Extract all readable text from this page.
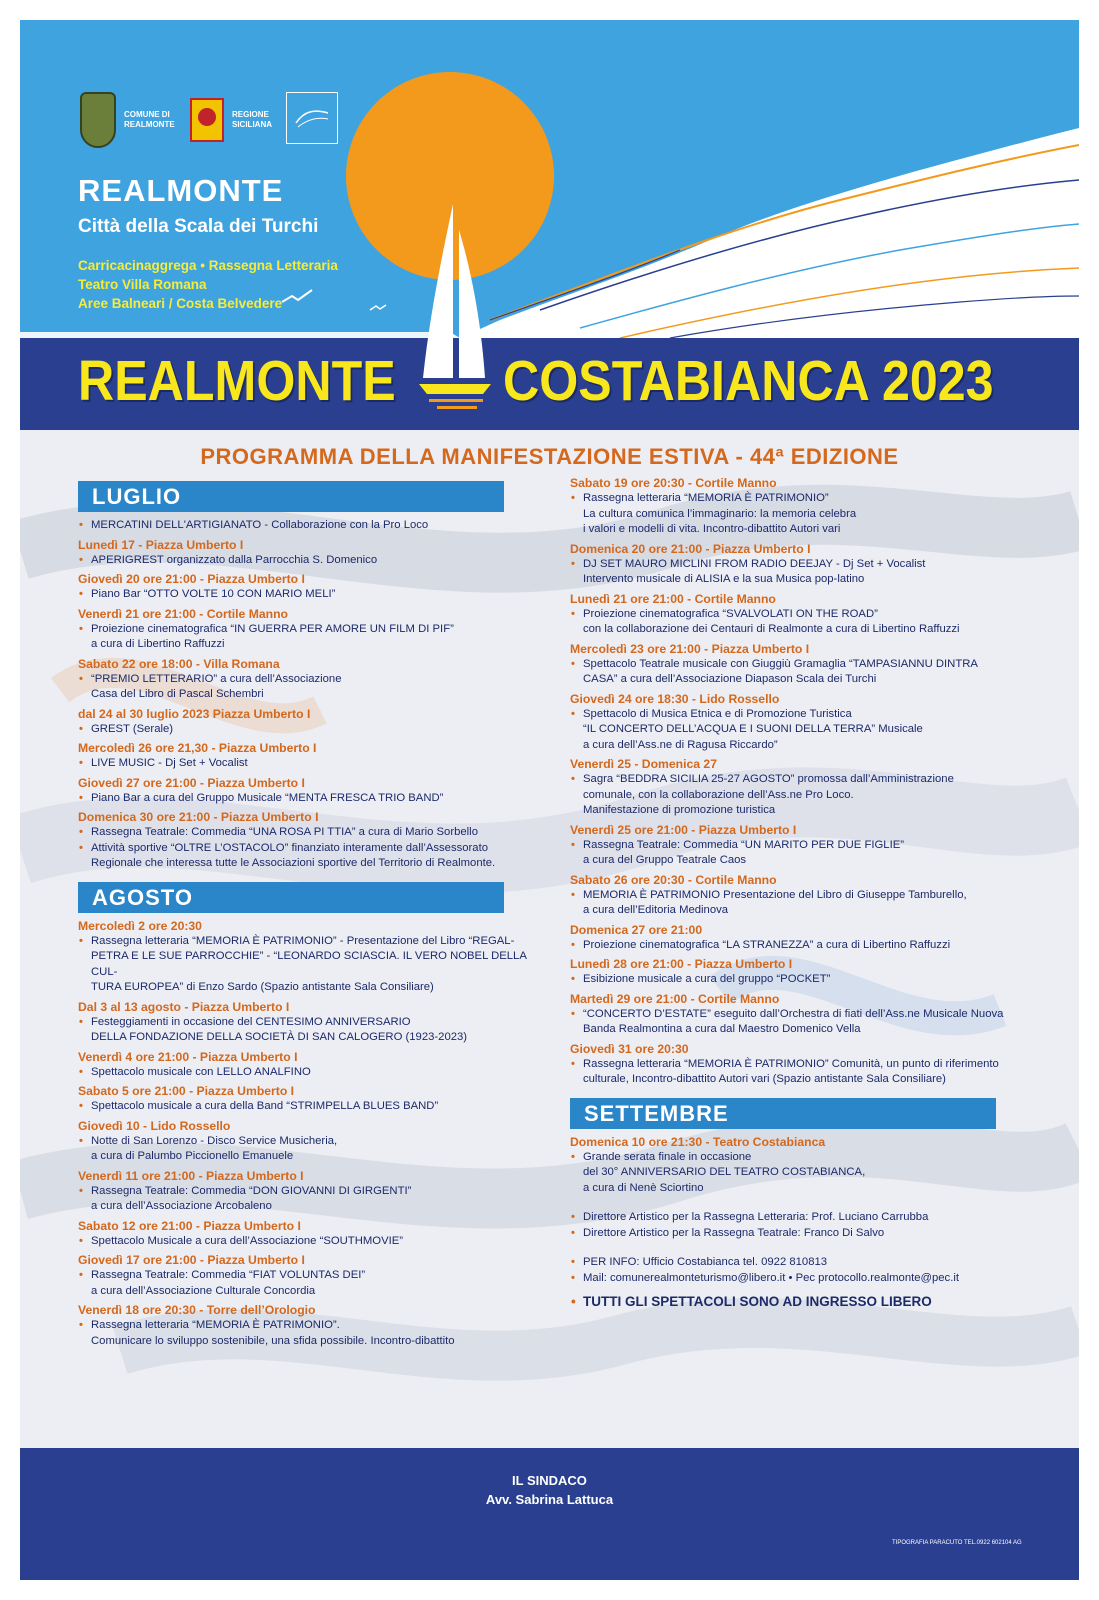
COMUNE DI
REALMONTE
REGIONE
SICILIANA
REALMONTE
Città della Scala dei Turchi
Carricacinaggrega • Rassegna Letteraria
Teatro Villa Romana
Aree Balneari / Costa Belvedere
REALMONTE COSTABIANCA 2023
PROGRAMMA DELLA MANIFESTAZIONE ESTIVA - 44ª EDIZIONE
LUGLIO
• MERCATINI DELL'ARTIGIANATO - Collaborazione con la Pro Loco
Lunedì 17 - Piazza Umberto I
• APERIGREST organizzato dalla Parrocchia S. Domenico
Giovedì 20 ore 21:00 - Piazza Umberto I
• Piano Bar “OTTO VOLTE 10 CON MARIO MELI”
Venerdì 21 ore 21:00 - Cortile Manno
• Proiezione cinematografica “IN GUERRA PER AMORE UN FILM DI PIF”
a cura di Libertino Raffuzzi
Sabato 22 ore 18:00 - Villa Romana
• “PREMIO LETTERARIO” a cura dell’Associazione
Casa del Libro di Pascal Schembri
dal 24 al 30 luglio 2023 Piazza Umberto I
• GREST (Serale)
Mercoledì 26 ore 21,30 - Piazza Umberto I
• LIVE MUSIC - Dj Set + Vocalist
Giovedì 27 ore 21:00 - Piazza Umberto I
• Piano Bar a cura del Gruppo Musicale “MENTA FRESCA TRIO BAND”
Domenica 30 ore 21:00 - Piazza Umberto I
• Rassegna Teatrale: Commedia “UNA ROSA PI TTIA” a cura di Mario Sorbello
• Attività sportive “OLTRE L’OSTACOLO” finanziato interamente dall’Assessorato
Regionale che interessa tutte le Associazioni sportive del Territorio di Realmonte.
AGOSTO
Mercoledì 2 ore 20:30
• Rassegna letteraria “MEMORIA È PATRIMONIO” - Presentazione del Libro “REGAL-
PETRA E LE SUE PARROCCHIE” - “LEONARDO SCIASCIA. IL VERO NOBEL DELLA CUL-
TURA EUROPEA” di Enzo Sardo (Spazio antistante Sala Consiliare)
Dal 3 al 13 agosto - Piazza Umberto I
• Festeggiamenti in occasione del CENTESIMO ANNIVERSARIO
DELLA FONDAZIONE DELLA SOCIETÀ DI SAN CALOGERO (1923-2023)
Venerdì 4 ore 21:00 - Piazza Umberto I
• Spettacolo musicale con LELLO ANALFINO
Sabato 5 ore 21:00 - Piazza Umberto I
• Spettacolo musicale a cura della Band “STRIMPELLA BLUES BAND”
Giovedì 10 - Lido Rossello
• Notte di San Lorenzo - Disco Service Musicheria,
a cura di Palumbo Piccionello Emanuele
Venerdì 11 ore 21:00 - Piazza Umberto I
• Rassegna Teatrale: Commedia “DON GIOVANNI DI GIRGENTI”
a cura dell’Associazione Arcobaleno
Sabato 12 ore 21:00 - Piazza Umberto I
• Spettacolo Musicale a cura dell’Associazione “SOUTHMOVIE”
Giovedì 17 ore 21:00 - Piazza Umberto I
• Rassegna Teatrale: Commedia “FIAT VOLUNTAS DEI”
a cura dell’Associazione Culturale Concordia
Venerdì 18 ore 20:30 - Torre dell’Orologio
• Rassegna letteraria “MEMORIA È PATRIMONIO”.
Comunicare lo sviluppo sostenibile, una sfida possibile. Incontro-dibattito
Sabato 19 ore 20:30 - Cortile Manno
• Rassegna letteraria “MEMORIA È PATRIMONIO”
La cultura comunica l’immaginario: la memoria celebra
i valori e modelli di vita. Incontro-dibattito Autori vari
Domenica 20 ore 21:00 - Piazza Umberto I
• DJ SET MAURO MICLINI FROM RADIO DEEJAY - Dj Set + Vocalist
Intervento musicale di ALISIA e la sua Musica pop-latino
Lunedì 21 ore 21:00 - Cortile Manno
• Proiezione cinematografica “SVALVOLATI ON THE ROAD”
con la collaborazione dei Centauri di Realmonte a cura di Libertino Raffuzzi
Mercoledì 23 ore 21:00 - Piazza Umberto I
• Spettacolo Teatrale musicale con Giuggiù Gramaglia “TAMPASIANNU DINTRA
CASA” a cura dell’Associazione Diapason Scala dei Turchi
Giovedì 24 ore 18:30 - Lido Rossello
• Spettacolo di Musica Etnica e di Promozione Turistica
“IL CONCERTO DELL’ACQUA E I SUONI DELLA TERRA” Musicale
a cura dell’Ass.ne di Ragusa Riccardo”
Venerdì 25 - Domenica 27
• Sagra “BEDDRA SICILIA 25-27 AGOSTO” promossa dall’Amministrazione
comunale, con la collaborazione dell’Ass.ne Pro Loco.
Manifestazione di promozione turistica
Venerdì 25 ore 21:00 - Piazza Umberto I
• Rassegna Teatrale: Commedia “UN MARITO PER DUE FIGLIE”
a cura del Gruppo Teatrale Caos
Sabato 26 ore 20:30 - Cortile Manno
• MEMORIA È PATRIMONIO Presentazione del Libro di Giuseppe Tamburello,
a cura dell’Editoria Medinova
Domenica 27 ore 21:00
• Proiezione cinematografica “LA STRANEZZA” a cura di Libertino Raffuzzi
Lunedì 28 ore 21:00 - Piazza Umberto I
• Esibizione musicale a cura del gruppo “POCKET”
Martedì 29 ore 21:00 - Cortile Manno
• “CONCERTO D’ESTATE” eseguito dall’Orchestra di fiati dell’Ass.ne Musicale Nuova
Banda Realmontina a cura dal Maestro Domenico Vella
Giovedì 31 ore 20:30
• Rassegna letteraria “MEMORIA È PATRIMONIO” Comunità, un punto di riferimento
culturale, Incontro-dibattito Autori vari (Spazio antistante Sala Consiliare)
SETTEMBRE
Domenica 10 ore 21:30 - Teatro Costabianca
• Grande serata finale in occasione
del 30° ANNIVERSARIO DEL TEATRO COSTABIANCA,
a cura di Nenè Sciortino
• Direttore Artistico per la Rassegna Letteraria: Prof. Luciano Carrubba
• Direttore Artistico per la Rassegna Teatrale: Franco Di Salvo
• PER INFO: Ufficio Costabianca tel. 0922 810813
• Mail: comunerealmonteturismo@libero.it • Pec protocollo.realmonte@pec.it
• TUTTI GLI SPETTACOLI SONO AD INGRESSO LIBERO
IL SINDACO
Avv. Sabrina Lattuca
TIPOGRAFIA PARACUTO TEL.0922 602104 AG
